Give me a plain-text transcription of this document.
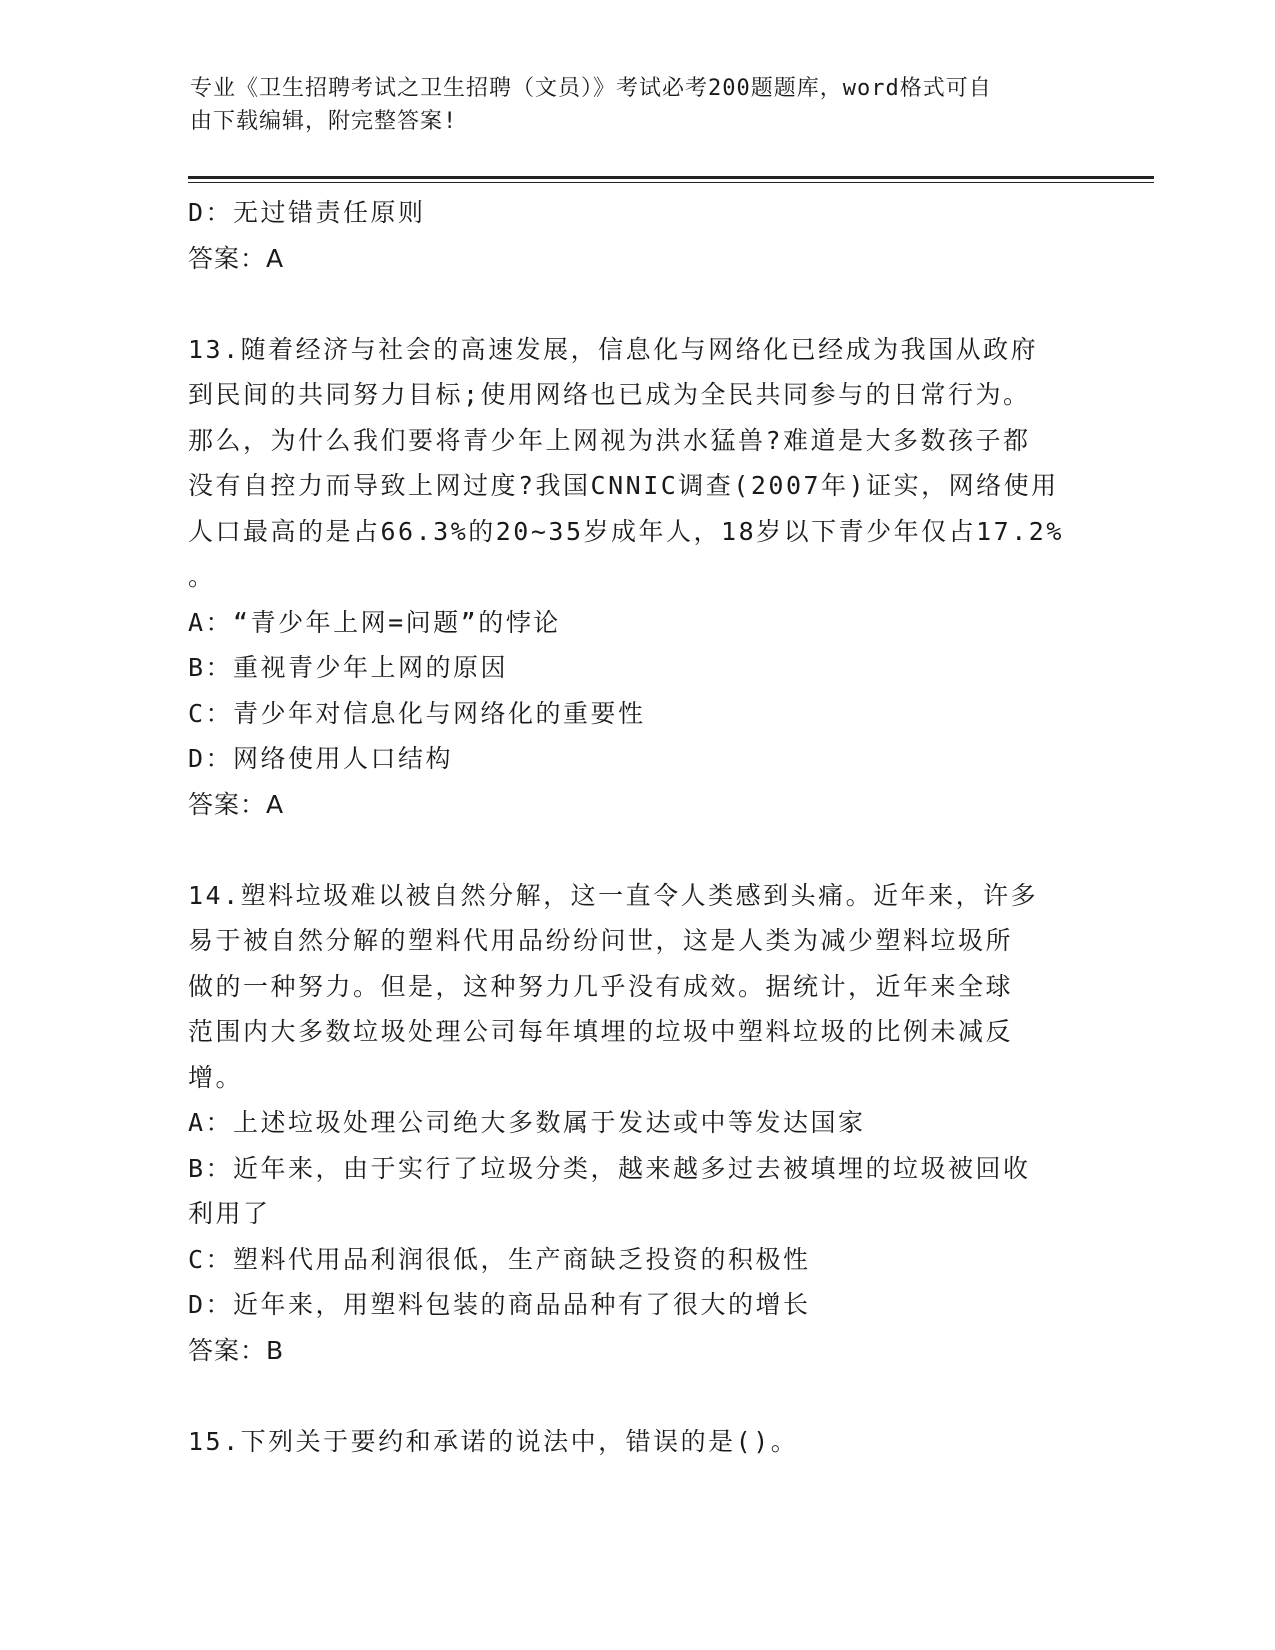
专业《卫生招聘考试之卫生招聘（文员）》考试必考200题题库，word格式可自
由下载编辑，附完整答案!
D：无过错责任原则
答案：A
13.随着经济与社会的高速发展，信息化与网络化已经成为我国从政府
到民间的共同努力目标;使用网络也已成为全民共同参与的日常行为。
那么，为什么我们要将青少年上网视为洪水猛兽?难道是大多数孩子都
没有自控力而导致上网过度?我国CNNIC调查(2007年)证实，网络使用
人口最高的是占66.3%的20~35岁成年人，18岁以下青少年仅占17.2%
。
A：“青少年上网=问题”的悖论
B：重视青少年上网的原因
C：青少年对信息化与网络化的重要性
D：网络使用人口结构
答案：A
14.塑料垃圾难以被自然分解，这一直令人类感到头痛。近年来，许多
易于被自然分解的塑料代用品纷纷问世，这是人类为减少塑料垃圾所
做的一种努力。但是，这种努力几乎没有成效。据统计，近年来全球
范围内大多数垃圾处理公司每年填埋的垃圾中塑料垃圾的比例未减反
增。
A：上述垃圾处理公司绝大多数属于发达或中等发达国家
B：近年来，由于实行了垃圾分类，越来越多过去被填埋的垃圾被回收
利用了
C：塑料代用品利润很低，生产商缺乏投资的积极性
D：近年来，用塑料包装的商品品种有了很大的增长
答案：B
15.下列关于要约和承诺的说法中，错误的是()。
